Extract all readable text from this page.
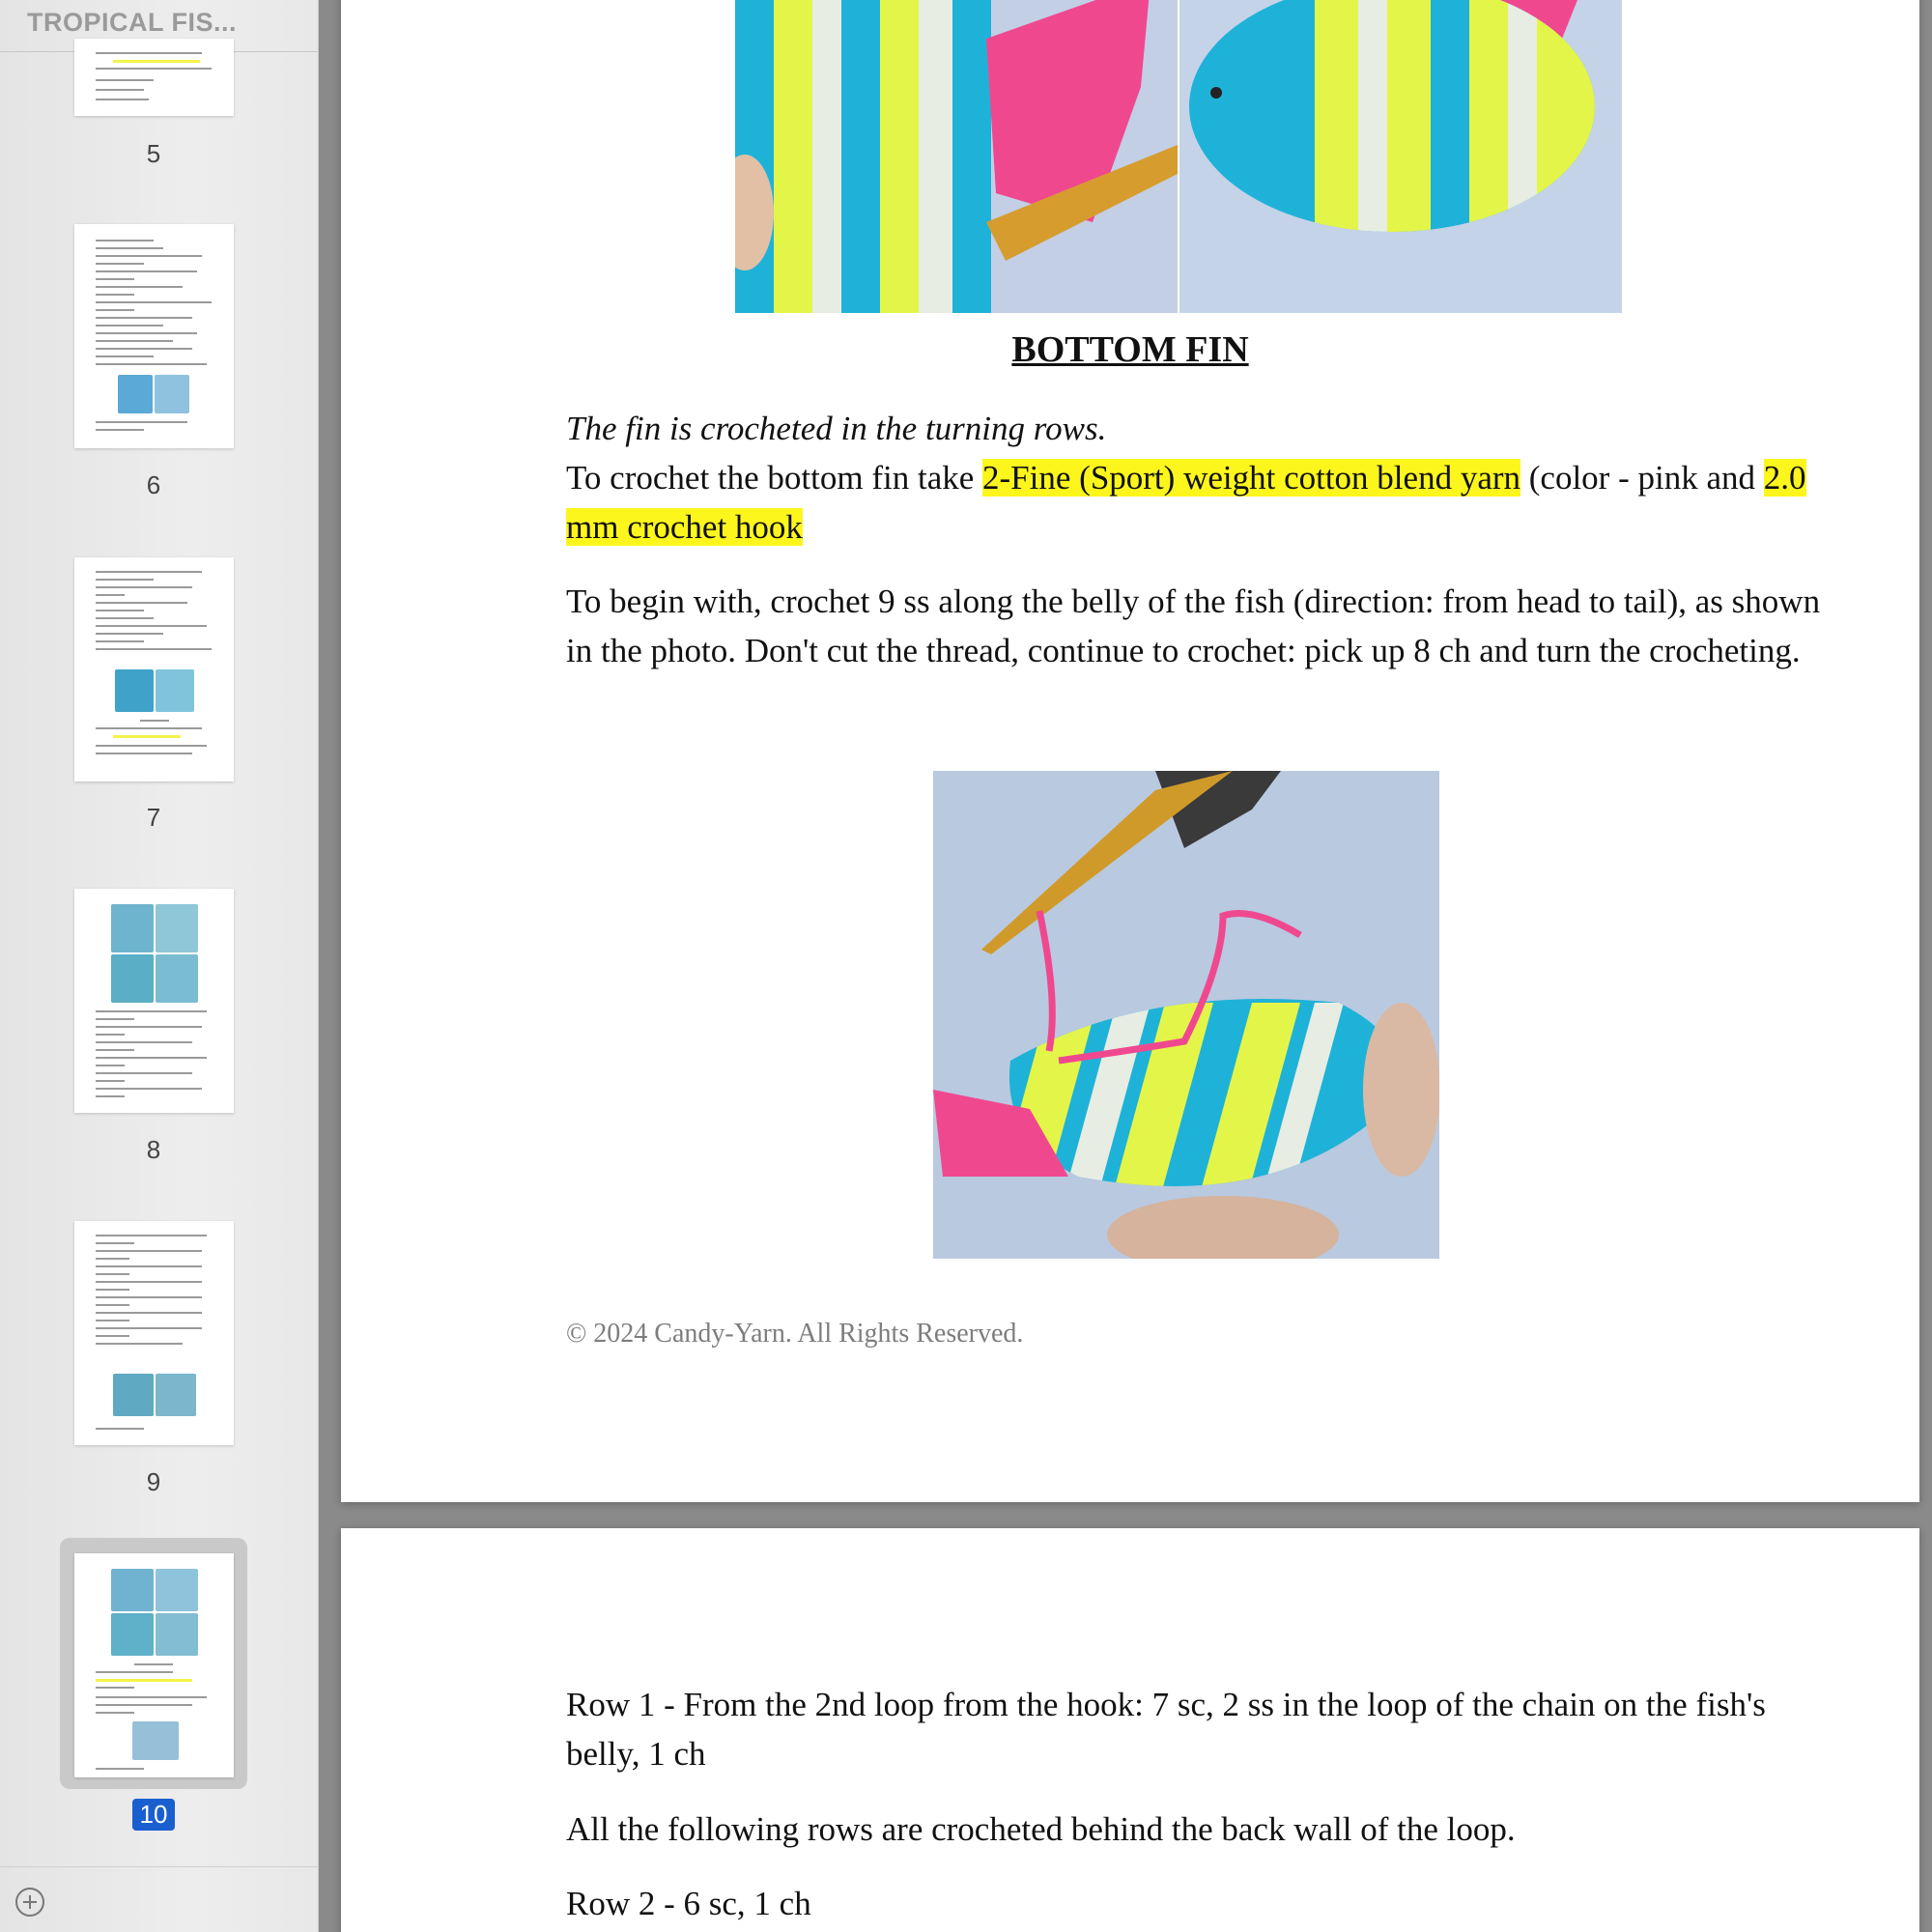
TROPICAL FIS...
5
6
7
8
9
10
BOTTOM FIN
The fin is crocheted in the turning rows.
To crochet the bottom fin take 2-Fine (Sport) weight cotton blend yarn (color - pink and 2.0 mm crochet hook
To begin with, crochet 9 ss along the belly of the fish (direction: from head to tail), as shown in the photo. Don't cut the thread, continue to crochet: pick up 8 ch and turn the crocheting.
© 2024 Candy-Yarn. All Rights Reserved.
Row 1 - From the 2nd loop from the hook: 7 sc, 2 ss in the loop of the chain on the fish's belly, 1 ch
All the following rows are crocheted behind the back wall of the loop.
Row 2 - 6 sc, 1 ch
